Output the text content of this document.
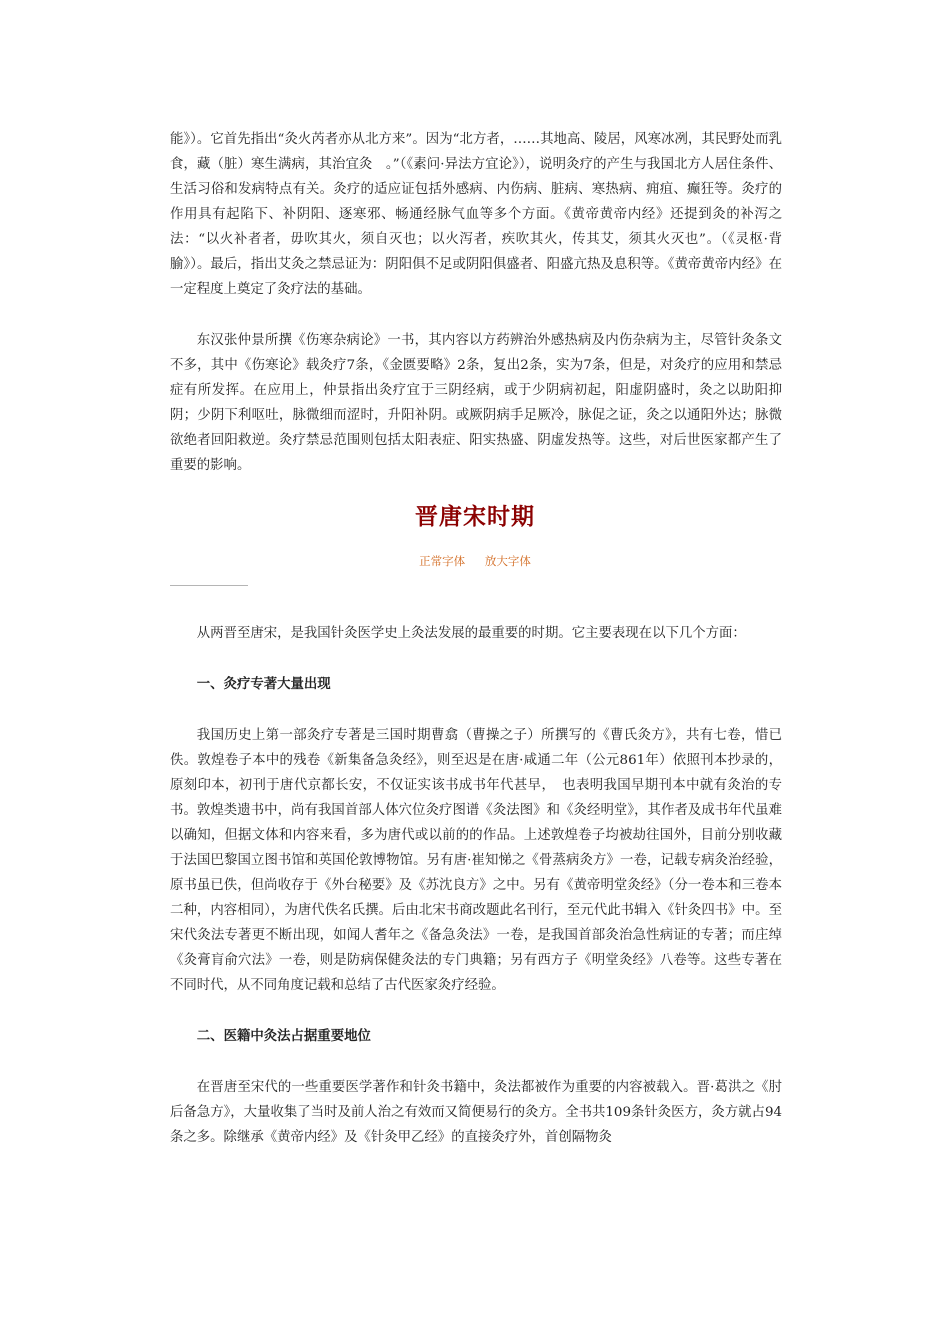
能》）。它首先指出“灸火芮者亦从北方来”。因为“北方者，……其地高、陵居，风寒冰冽，其民野处而乳食，藏（脏）寒生满病，其治宜灸　。”（《素问·异法方宜论》），说明灸疗的产生与我国北方人居住条件、生活习俗和发病特点有关。灸疗的适应证包括外感病、内伤病、脏病、寒热病、痈疽、癫狂等。灸疗的作用具有起陷下、补阴阳、逐寒邪、畅通经脉气血等多个方面。《黄帝黄帝内经》还提到灸的补泻之法：“以火补者者，毋吹其火，须自灭也；以火泻者，疾吹其火，传其艾，须其火灭也”。（《灵枢·背腧》）。最后，指出艾灸之禁忌证为：阴阳俱不足或阴阳俱盛者、阳盛亢热及息积等。《黄帝黄帝内经》在一定程度上奠定了灸疗法的基础。

东汉张仲景所撰《伤寒杂病论》一书，其内容以方药辨治外感热病及内伤杂病为主，尽管针灸条文不多，其中《伤寒论》载灸疗7条，《金匮要略》2条，复出2条，实为7条，但是，对灸疗的应用和禁忌症有所发挥。在应用上，仲景指出灸疗宜于三阴经病，或于少阴病初起，阳虚阴盛时，灸之以助阳抑阴；少阴下利呕吐，脉微细而涩时，升阳补阴。或厥阴病手足厥冷，脉促之证，灸之以通阳外达；脉微欲绝者回阳救逆。灸疗禁忌范围则包括太阳表症、阳实热盛、阴虚发热等。这些，对后世医家都产生了重要的影响。

晋唐宋时期
正常字体 放大字体

从两晋至唐宋，是我国针灸医学史上灸法发展的最重要的时期。它主要表现在以下几个方面：

一、灸疗专著大量出现

我国历史上第一部灸疗专著是三国时期曹翕（曹操之子）所撰写的《曹氏灸方》，共有七卷，惜已佚。敦煌卷子本中的残卷《新集备急灸经》，则至迟是在唐·咸通二年（公元861年）依照刊本抄录的，原刻印本，初刊于唐代京都长安，不仅证实该书成书年代甚早，　也表明我国早期刊本中就有灸治的专书。敦煌类遗书中，尚有我国首部人体穴位灸疗图谱《灸法图》和《灸经明堂》，其作者及成书年代虽难以确知，但据文体和内容来看，多为唐代或以前的的作品。上述敦煌卷子均被劫往国外，目前分别收藏于法国巴黎国立图书馆和英国伦敦博物馆。另有唐·崔知悌之《骨蒸病灸方》一卷，记载专病灸治经验，原书虽已佚，但尚收存于《外台秘要》及《苏沈良方》之中。另有《黄帝明堂灸经》（分一卷本和三卷本二种，内容相同），为唐代佚名氏撰。后由北宋书商改题此名刊行，至元代此书辑入《针灸四书》中。至宋代灸法专著更不断出现，如闻人耆年之《备急灸法》一卷，是我国首部灸治急性病证的专著；而庄绰《灸膏肓俞穴法》一卷，则是防病保健灸法的专门典籍；另有西方子《明堂灸经》八卷等。这些专著在不同时代，从不同角度记载和总结了古代医家灸疗经验。

二、医籍中灸法占据重要地位

在晋唐至宋代的一些重要医学著作和针灸书籍中，灸法都被作为重要的内容被载入。晋·葛洪之《肘后备急方》，大量收集了当时及前人治之有效而又简便易行的灸方。全书共109条针灸医方，灸方就占94条之多。除继承《黄帝内经》及《针灸甲乙经》的直接灸疗外，首创隔物灸
